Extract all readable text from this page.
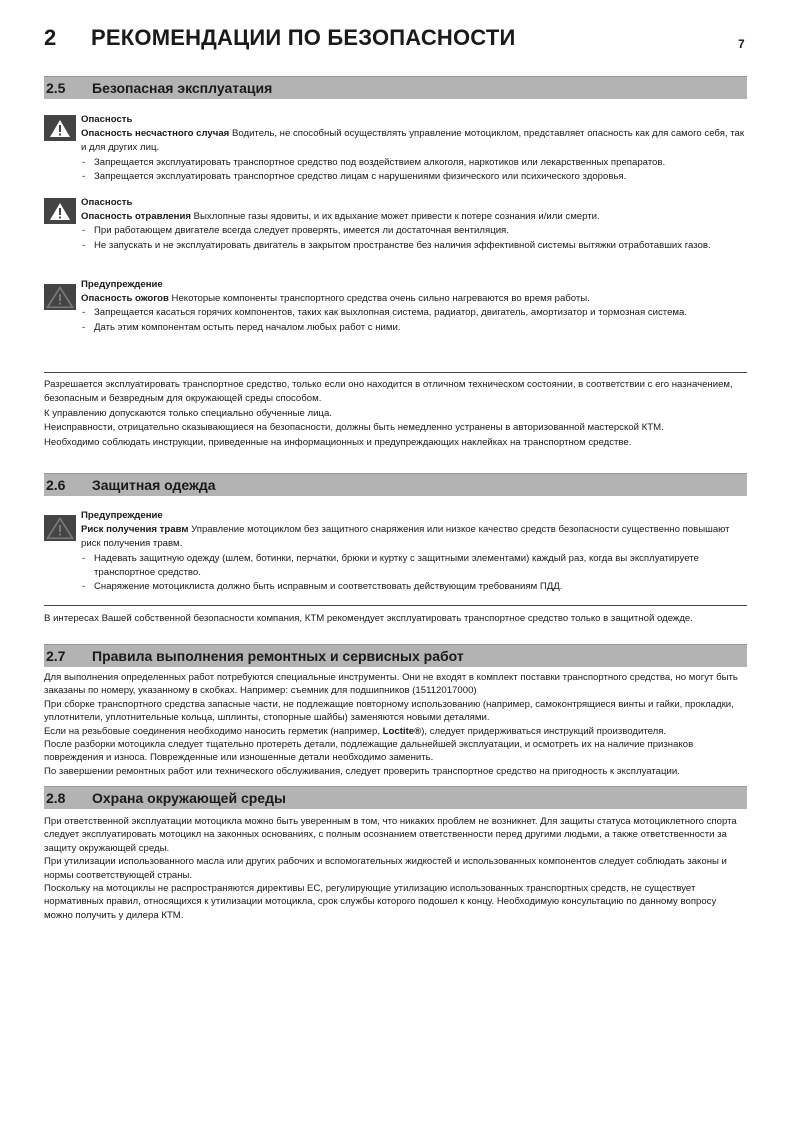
2 РЕКОМЕНДАЦИИ ПО БЕЗОПАСНОСТИ	7
2.5 Безопасная эксплуатация
Опасность
Опасность несчастного случая Водитель, не способный осуществлять управление мотоциклом, представляет опасность как для самого себя, так и для других лиц.
- Запрещается эксплуатировать транспортное средство под воздействием алкоголя, наркотиков или лекарственных препаратов.
- Запрещается эксплуатировать транспортное средство лицам с нарушениями физического или психического здоровья.
Опасность
Опасность отравления Выхлопные газы ядовиты, и их вдыхание может привести к потере сознания и/или смерти.
- При работающем двигателе всегда следует проверять, имеется ли достаточная вентиляция.
- Не запускать и не эксплуатировать двигатель в закрытом пространстве без наличия эффективной системы вытяжки отработавших газов.
Предупреждение
Опасность ожогов Некоторые компоненты транспортного средства очень сильно нагреваются во время работы.
- Запрещается касаться горячих компонентов, таких как выхлопная система, радиатор, двигатель, амортизатор и тормозная система.
- Дать этим компонентам остыть перед началом любых работ с ними.

Разрешается эксплуатировать транспортное средство, только если оно находится в отличном техническом состоянии, в соответствии с его назначением, безопасным и безвредным для окружающей среды способом.

К управлению допускаются только специально обученные лица.

Неисправности, отрицательно сказывающиеся на безопасности, должны быть немедленно устранены в авторизованной мастерской КТМ.

Необходимо соблюдать инструкции, приведенные на информационных и предупреждающих наклейках на транспортном средстве.

2.6 Защитная одежда
Предупреждение
Риск получения травм Управление мотоциклом без защитного снаряжения или низкое качество средств безопасности существенно повышают риск получения травм.
- Надевать защитную одежду (шлем, ботинки, перчатки, брюки и куртку с защитными элементами) каждый раз, когда вы эксплуатируете транспортное средство.
- Снаряжение мотоциклиста должно быть исправным и соответствовать действующим требованиям ПДД.

В интересах Вашей собственной безопасности компания, КТМ рекомендует эксплуатировать транспортное средство только в защитной одежде.

2.7 Правила выполнения ремонтных и сервисных работ

Для выполнения определенных работ потребуются специальные инструменты. Они не входят в комплект поставки транспортного средства, но могут быть заказаны по номеру, указанному в скобках. Например: съемник для подшипников (15112017000)

При сборке транспортного средства запасные части, не подлежащие повторному использованию (например, самоконтрящиеся винты и гайки, прокладки, уплотнители, уплотнительные кольца, шплинты, стопорные шайбы) заменяются новыми деталями.

Если на резьбовые соединения необходимо наносить герметик (например, Loctite®), следует придерживаться инструкций производителя.

После разборки мотоцикла следует тщательно протереть детали, подлежащие дальнейшей эксплуатации, и осмотреть их на наличие признаков повреждения и износа. Поврежденные или изношенные детали необходимо заменить.

По завершении ремонтных работ или технического обслуживания, следует проверить транспортное средство на пригодность к эксплуатации.

2.8 Охрана окружающей среды

При ответственной эксплуатации мотоцикла можно быть уверенным в том, что никаких проблем не возникнет. Для защиты статуса мотоциклетного спорта следует эксплуатировать мотоцикл на законных основаниях, с полным осознанием ответственности перед другими людьми, а также ответственности за защиту окружающей среды.

При утилизации использованного масла или других рабочих и вспомогательных жидкостей и использованных компонентов следует соблюдать законы и нормы соответствующей страны.

Поскольку на мотоциклы не распространяются директивы ЕС, регулирующие утилизацию использованных транспортных средств, не существует нормативных правил, относящихся к утилизации мотоцикла, срок службы которого подошел к концу. Необходимую консультацию по данному вопросу можно получить у дилера КТМ.
